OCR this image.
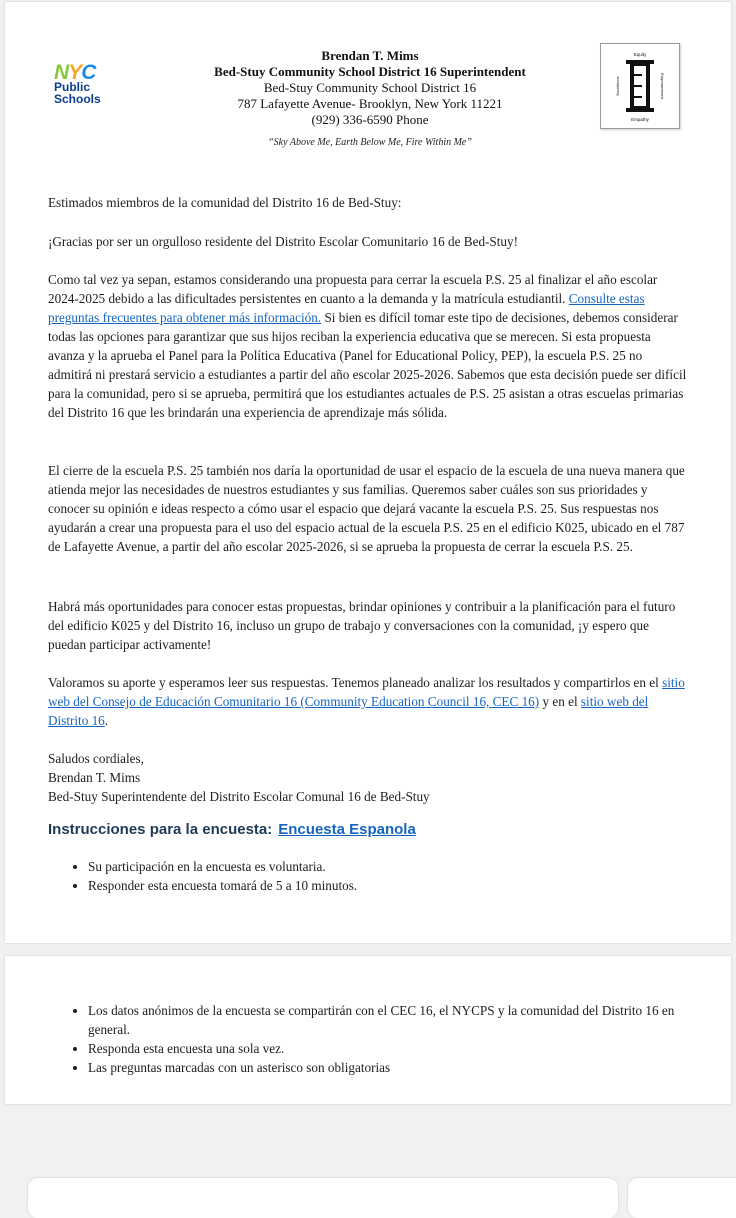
NYC
Public
Schools
Brendan T. Mims
Bed-Stuy Community School District 16 Superintendent
Bed-Stuy Community School District 16
787 Lafayette Avenue- Brooklyn, New York 11221
(929) 336-6590 Phone
“Sky Above Me, Earth Below Me, Fire Within Me”
Equity
Empathy
Excellence	Empowerment
Estimados miembros de la comunidad del Distrito 16 de Bed-Stuy:
¡Gracias por ser un orgulloso residente del Distrito Escolar Comunitario 16 de Bed-Stuy!
Como tal vez ya sepan, estamos considerando una propuesta para cerrar la escuela P.S. 25 al finalizar el año escolar 2024-2025 debido a las dificultades persistentes en cuanto a la demanda y la matrícula estudiantil. Consulte estas preguntas frecuentes para obtener más información. Si bien es difícil tomar este tipo de decisiones, debemos considerar todas las opciones para garantizar que sus hijos reciban la experiencia educativa que se merecen. Si esta propuesta avanza y la aprueba el Panel para la Política Educativa (Panel for Educational Policy, PEP), la escuela P.S. 25 no admitirá ni prestará servicio a estudiantes a partir del año escolar 2025-2026. Sabemos que esta decisión puede ser difícil para la comunidad, pero si se aprueba, permitirá que los estudiantes actuales de P.S. 25 asistan a otras escuelas primarias del Distrito 16 que les brindarán una experiencia de aprendizaje más sólida.
El cierre de la escuela P.S. 25 también nos daría la oportunidad de usar el espacio de la escuela de una nueva manera que atienda mejor las necesidades de nuestros estudiantes y sus familias. Queremos saber cuáles son sus prioridades y conocer su opinión e ideas respecto a cómo usar el espacio que dejará vacante la escuela P.S. 25. Sus respuestas nos ayudarán a crear una propuesta para el uso del espacio actual de la escuela P.S. 25 en el edificio K025, ubicado en el 787 de Lafayette Avenue, a partir del año escolar 2025-2026, si se aprueba la propuesta de cerrar la escuela P.S. 25.
Habrá más oportunidades para conocer estas propuestas, brindar opiniones y contribuir a la planificación para el futuro del edificio K025 y del Distrito 16, incluso un grupo de trabajo y conversaciones con la comunidad, ¡y espero que puedan participar activamente!
Valoramos su aporte y esperamos leer sus respuestas. Tenemos planeado analizar los resultados y compartirlos en el sitio web del Consejo de Educación Comunitario 16 (Community Education Council 16, CEC 16) y en el sitio web del Distrito 16.
Saludos cordiales,
Brendan T. Mims
Bed-Stuy Superintendente del Distrito Escolar Comunal 16 de Bed-Stuy
Instrucciones para la encuesta: Encuesta Espanola
• Su participación en la encuesta es voluntaria.
• Responder esta encuesta tomará de 5 a 10 minutos.
• Los datos anónimos de la encuesta se compartirán con el CEC 16, el NYCPS y la comunidad del Distrito 16 en general.
• Responda esta encuesta una sola vez.
• Las preguntas marcadas con un asterisco son obligatorias
